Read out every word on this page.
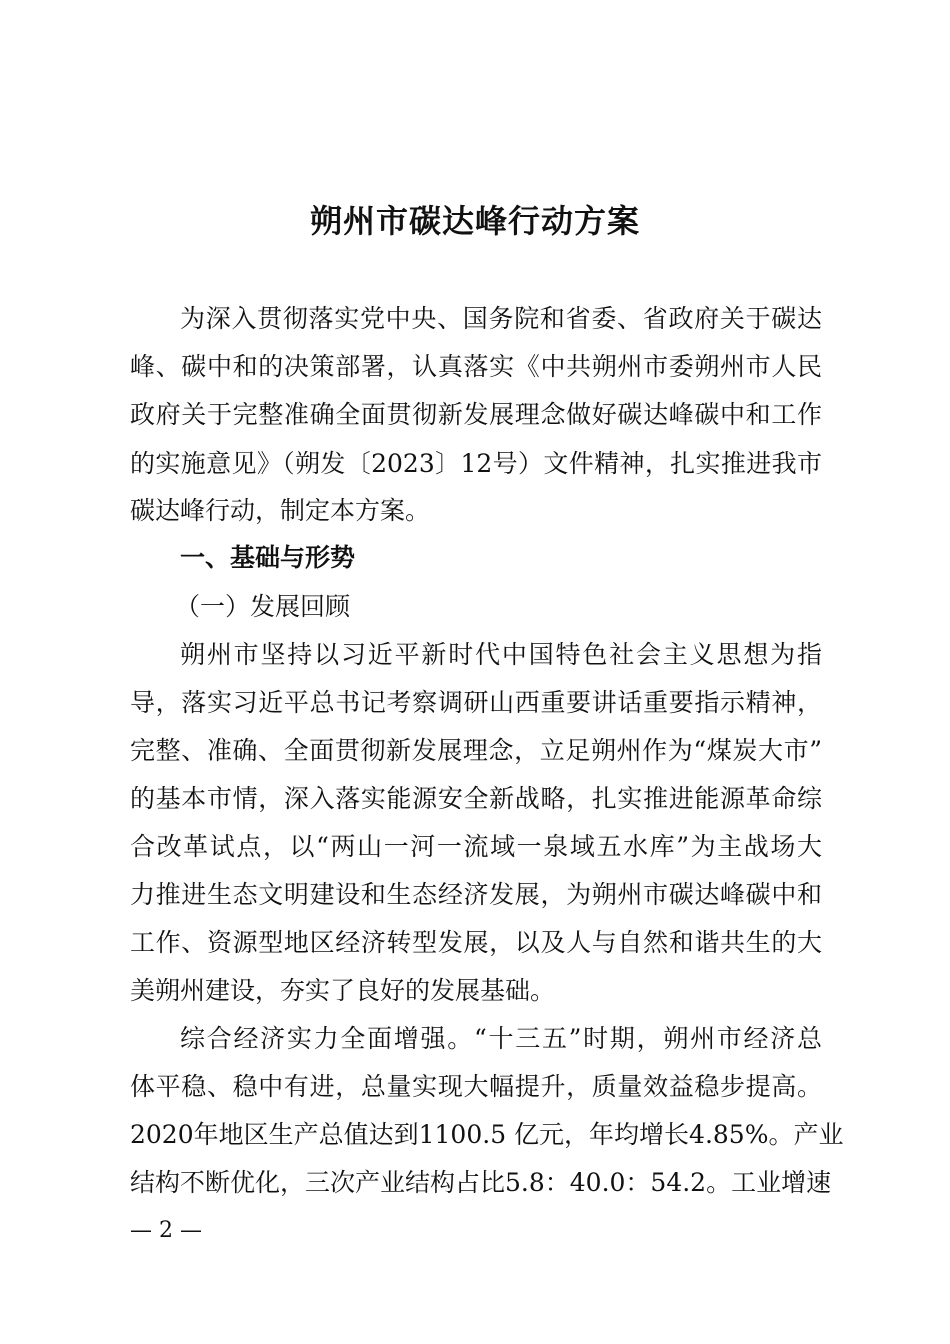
朔州市碳达峰行动方案
为深入贯彻落实党中央、国务院和省委、省政府关于碳达
峰、碳中和的决策部署，认真落实《中共朔州市委朔州市人民
政府关于完整准确全面贯彻新发展理念做好碳达峰碳中和工作
的实施意见》（朔发〔2023〕12号）文件精神，扎实推进我市
碳达峰行动，制定本方案。
一、基础与形势
（一）发展回顾
朔州市坚持以习近平新时代中国特色社会主义思想为指
导，落实习近平总书记考察调研山西重要讲话重要指示精神，
完整、准确、全面贯彻新发展理念，立足朔州作为“煤炭大市”
的基本市情，深入落实能源安全新战略，扎实推进能源革命综
合改革试点，以“两山一河一流域一泉域五水库”为主战场大
力推进生态文明建设和生态经济发展，为朔州市碳达峰碳中和
工作、资源型地区经济转型发展，以及人与自然和谐共生的大
美朔州建设，夯实了良好的发展基础。
综合经济实力全面增强。“十三五”时期，朔州市经济总
体平稳、稳中有进，总量实现大幅提升，质量效益稳步提高。
2020年地区生产总值达到1100.5 亿元，年均增长4.85%。产业
结构不断优化，三次产业结构占比5.8：40.0：54.2。工业增速
— 2 —
